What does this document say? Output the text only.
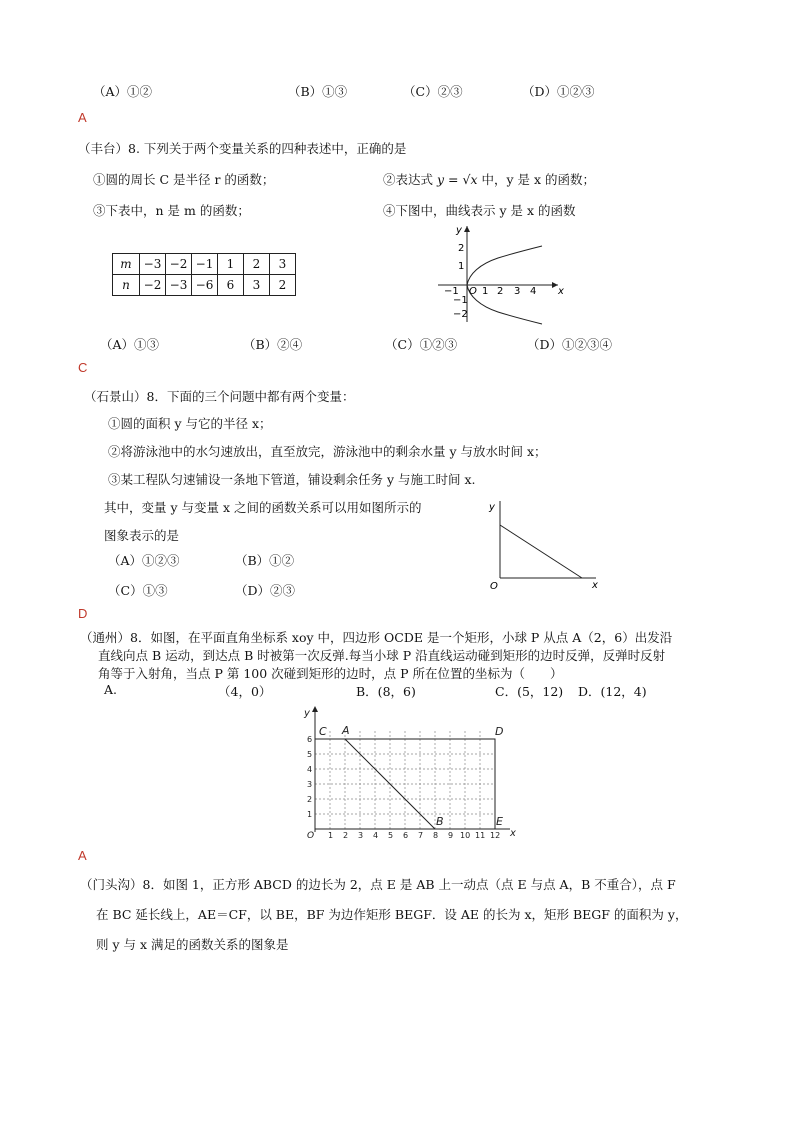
（A）①②	（B）①③	（C）②③	（D）①②③
A
（丰台）8. 下列关于两个变量关系的四种表述中，正确的是
①圆的周长 C 是半径 r 的函数；	②表达式 y = √x 中，y 是 x 的函数；
③下表中，n 是 m 的函数；	④下图中，曲线表示 y 是 x 的函数
m	−3	−2	−1	1	2	3
n	−2	−3	−6	6	3	2	x
y
O
−1 1 2 3 4
2
1
−1
−2
（A）①③	（B）②④	（C）①②③	（D）①②③④
C
（石景山）8．下面的三个问题中都有两个变量：
①圆的面积 y 与它的半径 x；
②将游泳池中的水匀速放出，直至放完，游泳池中的剩余水量 y 与放水时间 x；
③某工程队匀速铺设一条地下管道，铺设剩余任务 y 与施工时间 x.
其中，变量 y 与变量 x 之间的函数关系可以用如图所示的
图象表示的是
（A）①②③	（B）①②
（C）①③	（D）②③	x
y
O
D
（通州）8．如图，在平面直角坐标系 xoy 中，四边形 OCDE 是一个矩形，小球 P 从点 A（2，6）出发沿
直线向点 B 运动，到达点 B 时被第一次反弹.每当小球 P 沿直线运动碰到矩形的边时反弹，反弹时反射
角等于入射角，当点 P 第 100 次碰到矩形的边时，点 P 所在位置的坐标为（　　）
A.	（4，0）	B．(8，6)	C．(5，12) D．(12，4)
1 2 3 4 5 6 7 8 9 10 11 12
1
2
3
4
5
6
C A	D
B	E
x
y
O
A
（门头沟）8．如图 1，正方形 ABCD 的边长为 2，点 E 是 AB 上一动点（点 E 与点 A，B 不重合），点 F
在 BC 延长线上，AE＝CF，以 BE，BF 为边作矩形 BEGF．设 AE 的长为 x，矩形 BEGF 的面积为 y，
则 y 与 x 满足的函数关系的图象是
